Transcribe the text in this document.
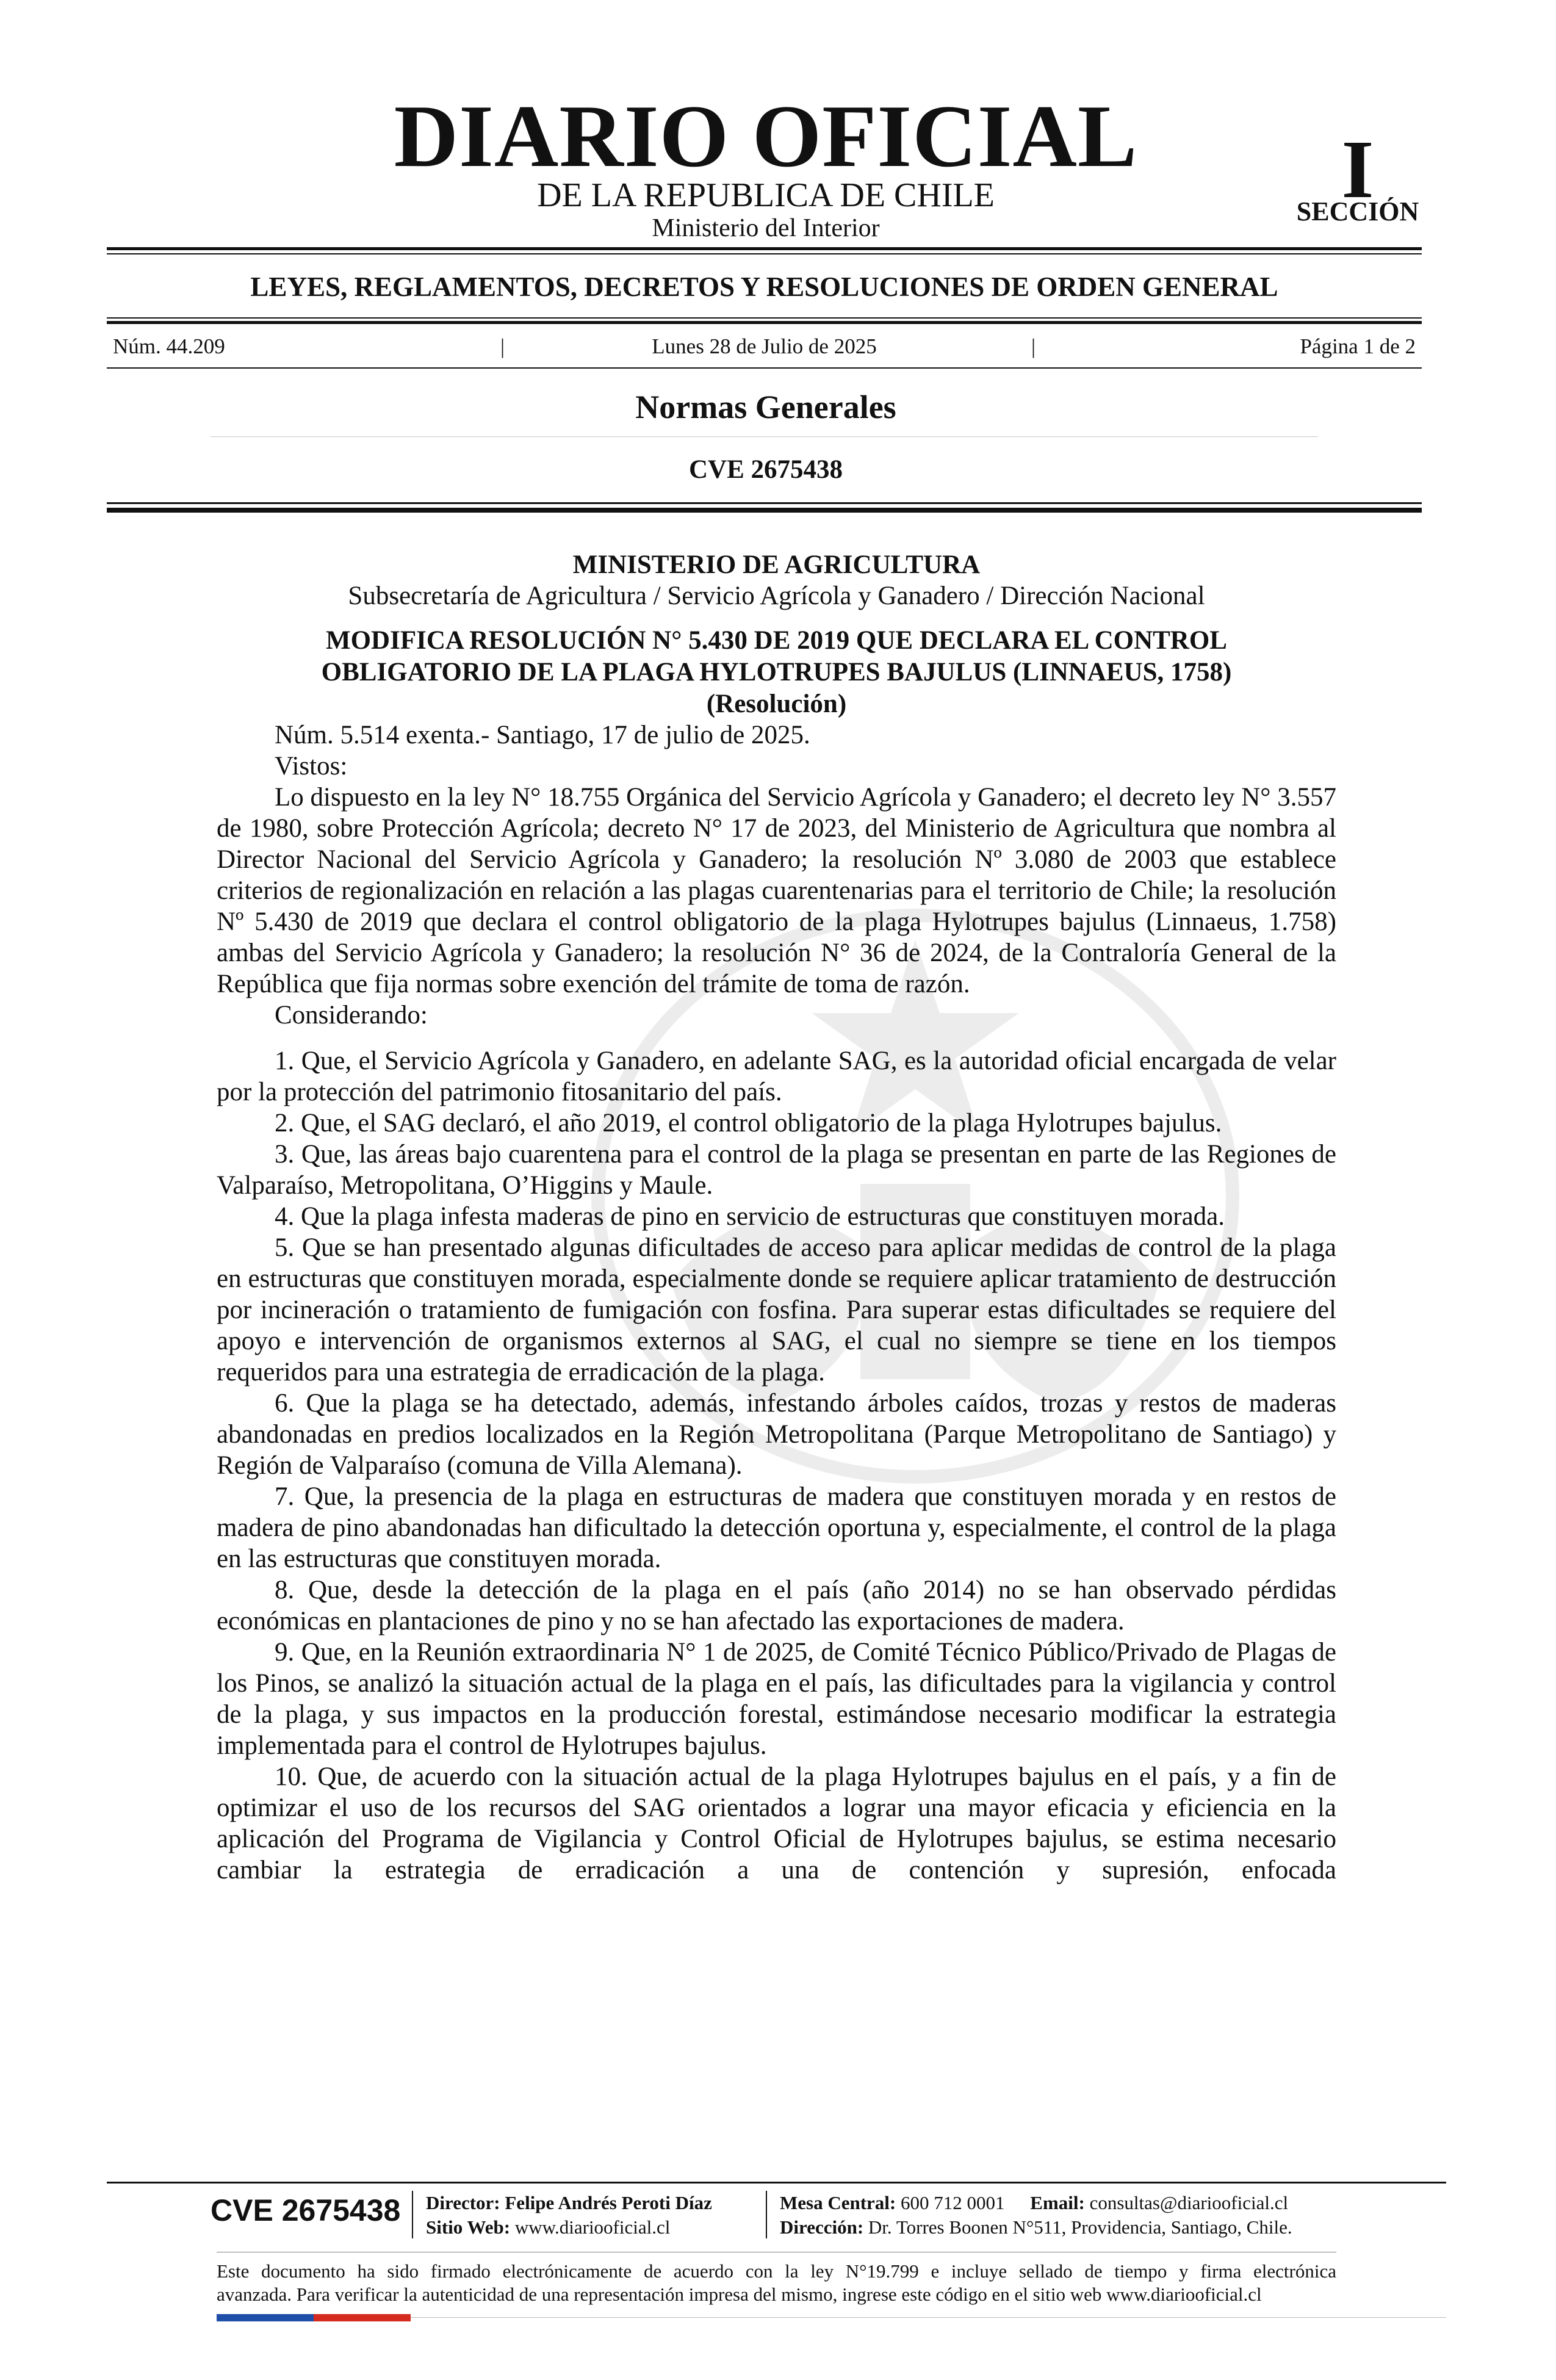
DIARIO OFICIAL
DE LA REPUBLICA DE CHILE
Ministerio del Interior
I
SECCIÓN
LEYES, REGLAMENTOS, DECRETOS Y RESOLUCIONES DE ORDEN GENERAL
Núm. 44.209	|	Lunes 28 de Julio de 2025	|	Página 1 de 2
Normas Generales
CVE 2675438

MINISTERIO DE AGRICULTURA

Subsecretaría de Agricultura / Servicio Agrícola y Ganadero / Dirección Nacional

MODIFICA RESOLUCIÓN N° 5.430 DE 2019 QUE DECLARA EL CONTROL
OBLIGATORIO DE LA PLAGA HYLOTRUPES BAJULUS (LINNAEUS, 1758)

(Resolución)

Núm. 5.514 exenta.- Santiago, 17 de julio de 2025.

Vistos:

Lo dispuesto en la ley N° 18.755 Orgánica del Servicio Agrícola y Ganadero; el decreto ley N° 3.557 de 1980, sobre Protección Agrícola; decreto N° 17 de 2023, del Ministerio de Agricultura que nombra al Director Nacional del Servicio Agrícola y Ganadero; la resolución Nº 3.080 de 2003 que establece criterios de regionalización en relación a las plagas cuarentenarias para el territorio de Chile; la resolución Nº 5.430 de 2019 que declara el control obligatorio de la plaga Hylotrupes bajulus (Linnaeus, 1.758) ambas del Servicio Agrícola y Ganadero; la resolución N° 36 de 2024, de la Contraloría General de la República que fija normas sobre exención del trámite de toma de razón.

Considerando:

1. Que, el Servicio Agrícola y Ganadero, en adelante SAG, es la autoridad oficial encargada de velar por la protección del patrimonio fitosanitario del país.

2. Que, el SAG declaró, el año 2019, el control obligatorio de la plaga Hylotrupes bajulus.

3. Que, las áreas bajo cuarentena para el control de la plaga se presentan en parte de las Regiones de Valparaíso, Metropolitana, O’Higgins y Maule.

4. Que la plaga infesta maderas de pino en servicio de estructuras que constituyen morada.

5. Que se han presentado algunas dificultades de acceso para aplicar medidas de control de la plaga en estructuras que constituyen morada, especialmente donde se requiere aplicar tratamiento de destrucción por incineración o tratamiento de fumigación con fosfina. Para superar estas dificultades se requiere del apoyo e intervención de organismos externos al SAG, el cual no siempre se tiene en los tiempos requeridos para una estrategia de erradicación de la plaga.

6. Que la plaga se ha detectado, además, infestando árboles caídos, trozas y restos de maderas abandonadas en predios localizados en la Región Metropolitana (Parque Metropolitano de Santiago) y Región de Valparaíso (comuna de Villa Alemana).

7. Que, la presencia de la plaga en estructuras de madera que constituyen morada y en restos de madera de pino abandonadas han dificultado la detección oportuna y, especialmente, el control de la plaga en las estructuras que constituyen morada.

8. Que, desde la detección de la plaga en el país (año 2014) no se han observado pérdidas económicas en plantaciones de pino y no se han afectado las exportaciones de madera.

9. Que, en la Reunión extraordinaria N° 1 de 2025, de Comité Técnico Público/Privado de Plagas de los Pinos, se analizó la situación actual de la plaga en el país, las dificultades para la vigilancia y control de la plaga, y sus impactos en la producción forestal, estimándose necesario modificar la estrategia implementada para el control de Hylotrupes bajulus.

10. Que, de acuerdo con la situación actual de la plaga Hylotrupes bajulus en el país, y a fin de optimizar el uso de los recursos del SAG orientados a lograr una mayor eficacia y eficiencia en la aplicación del Programa de Vigilancia y Control Oficial de Hylotrupes bajulus, se estima necesario cambiar la estrategia de erradicación a una de contención y supresión, enfocada

CVE 2675438 Director: Felipe Andrés Peroti Díaz
Sitio Web: www.diariooficial.cl
Mesa Central: 600 712 0001 Email: consultas@diariooficial.cl
Dirección: Dr. Torres Boonen N°511, Providencia, Santiago, Chile.
Este documento ha sido firmado electrónicamente de acuerdo con la ley N°19.799 e incluye sellado de tiempo y firma electrónica
avanzada. Para verificar la autenticidad de una representación impresa del mismo, ingrese este código en el sitio web www.diariooficial.cl
